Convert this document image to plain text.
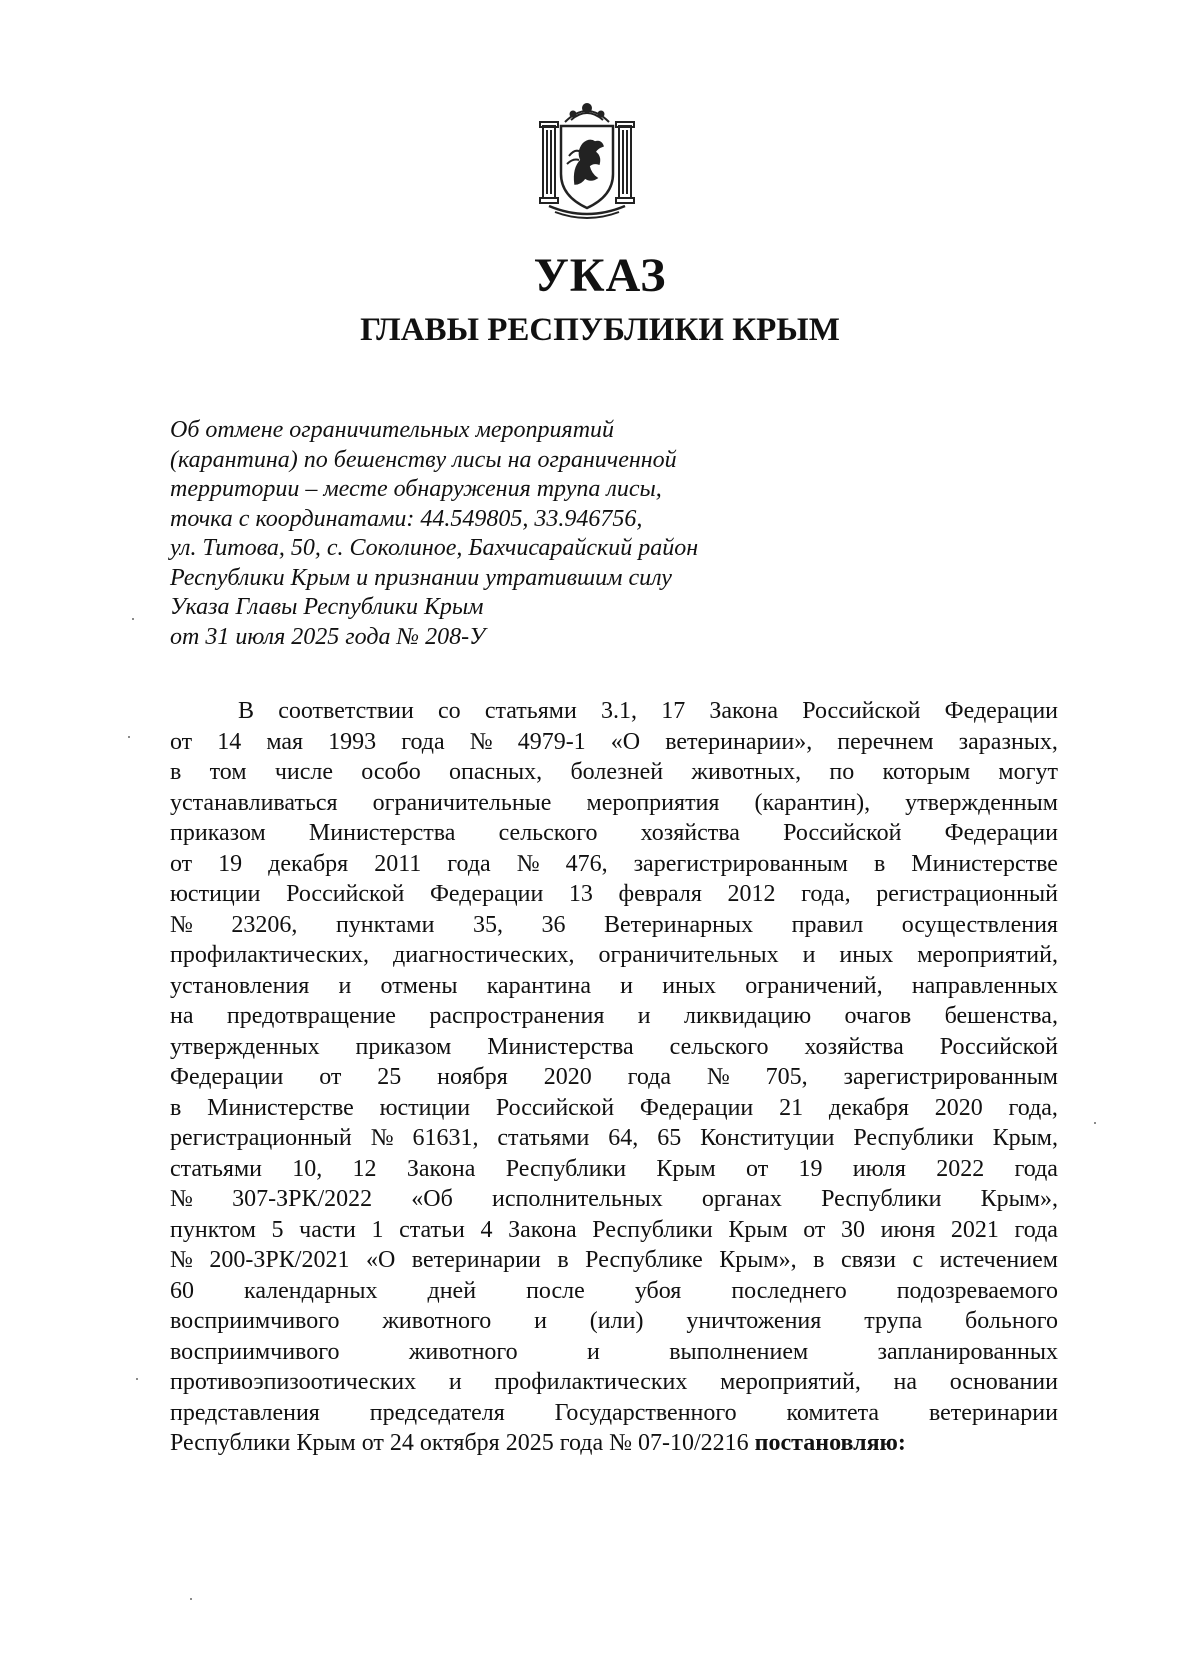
УКАЗ
ГЛАВЫ РЕСПУБЛИКИ КРЫМ
Об отмене ограничительных мероприятий
(карантина) по бешенству лисы на ограниченной
территории – месте обнаружения трупа лисы,
точка с координатами: 44.549805, 33.946756,
ул. Титова, 50, с. Соколиное, Бахчисарайский район
Республики Крым и признании утратившим силу
Указа Главы Республики Крым
от 31 июля 2025 года № 208-У
В соответствии со статьями 3.1, 17 Закона Российской Федерации
от 14 мая 1993 года № 4979-1 «О ветеринарии», перечнем заразных,
в том числе особо опасных, болезней животных, по которым могут
устанавливаться ограничительные мероприятия (карантин), утвержденным
приказом Министерства сельского хозяйства Российской Федерации
от 19 декабря 2011 года № 476, зарегистрированным в Министерстве
юстиции Российской Федерации 13 февраля 2012 года, регистрационный
№ 23206, пунктами 35, 36 Ветеринарных правил осуществления
профилактических, диагностических, ограничительных и иных мероприятий,
установления и отмены карантина и иных ограничений, направленных
на предотвращение распространения и ликвидацию очагов бешенства,
утвержденных приказом Министерства сельского хозяйства Российской
Федерации от 25 ноября 2020 года № 705, зарегистрированным
в Министерстве юстиции Российской Федерации 21 декабря 2020 года,
регистрационный № 61631, статьями 64, 65 Конституции Республики Крым,
статьями 10, 12 Закона Республики Крым от 19 июля 2022 года
№ 307-ЗРК/2022 «Об исполнительных органах Республики Крым»,
пунктом 5 части 1 статьи 4 Закона Республики Крым от 30 июня 2021 года
№ 200-ЗРК/2021 «О ветеринарии в Республике Крым», в связи с истечением
60 календарных дней после убоя последнего подозреваемого
восприимчивого животного и (или) уничтожения трупа больного
восприимчивого	животного	и	выполнением	запланированных
противоэпизоотических и профилактических мероприятий, на основании
представления председателя Государственного комитета ветеринарии
Республики Крым от 24 октября 2025 года № 07-10/2216
постановляю:
